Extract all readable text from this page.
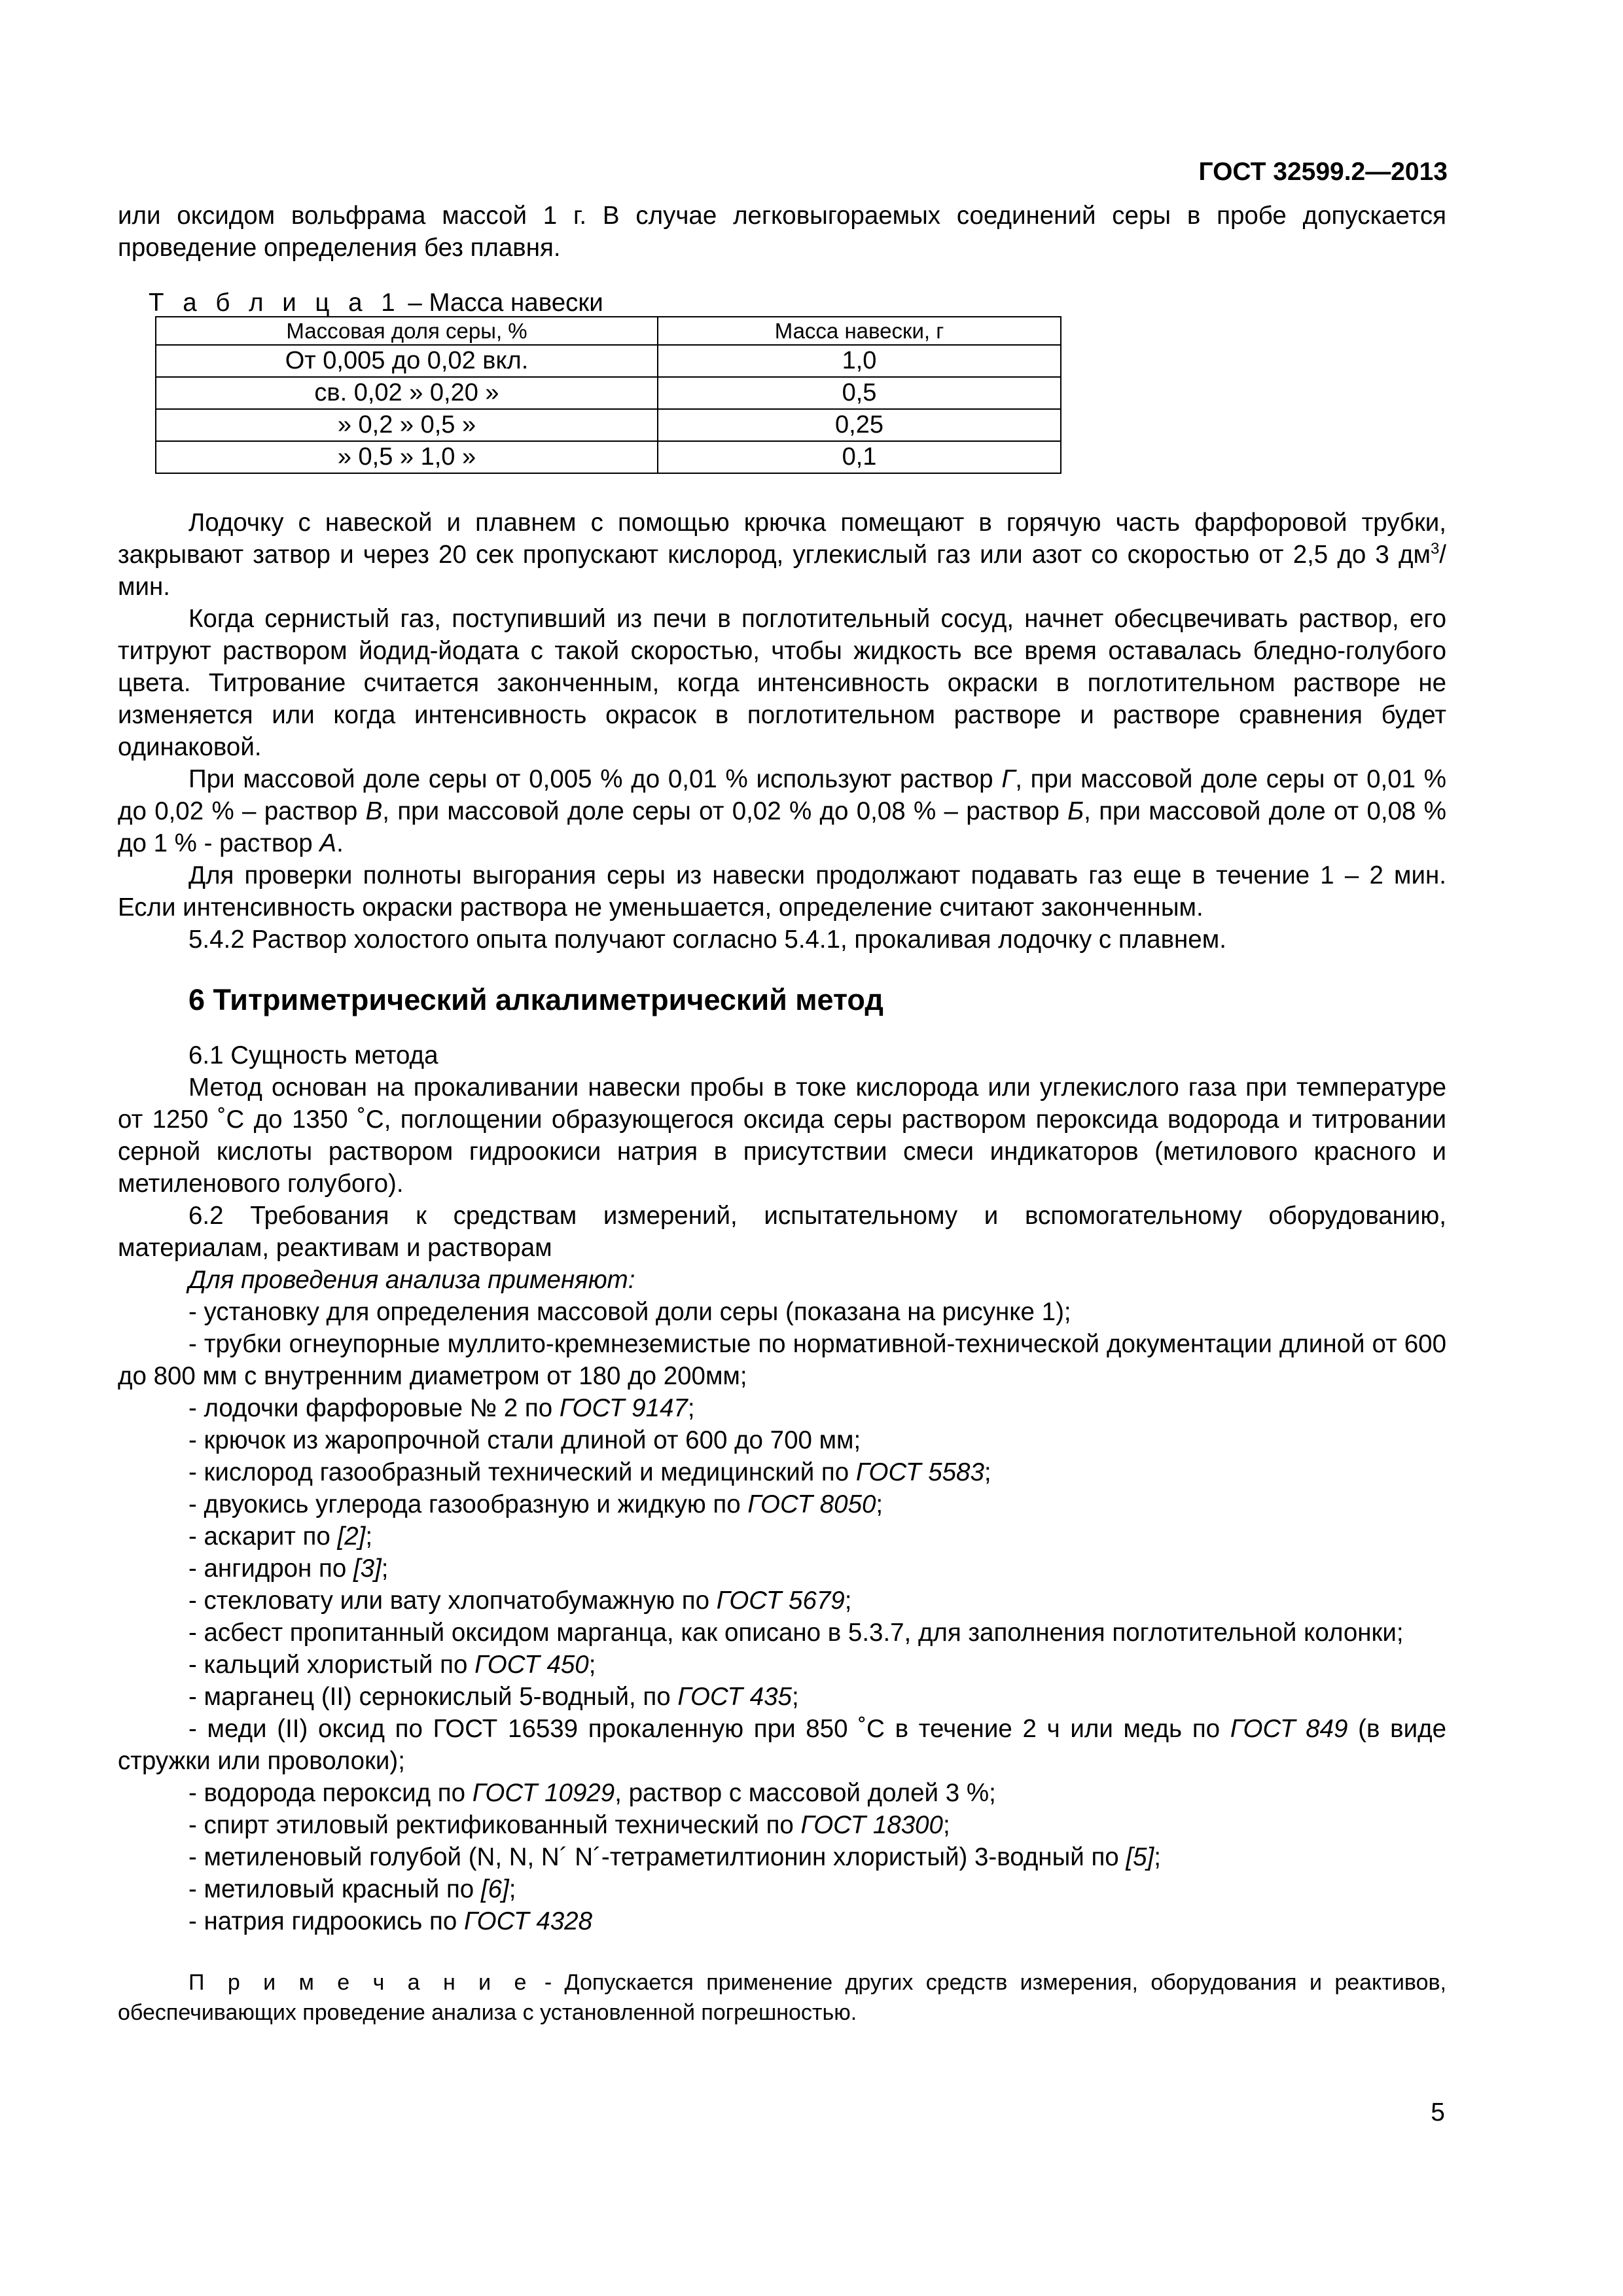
ГОСТ 32599.2—2013

или оксидом вольфрама массой 1 г. В случае легковыгораемых соединений серы в пробе допускается проведение определения без плавня.

Т а б л и ц а 1 – Масса навески
Массовая доля серы, %	Масса навески, г
От 0,005 до 0,02 вкл.	1,0
св. 0,02 » 0,20 »	0,5
» 0,2 » 0,5 »	0,25
» 0,5 » 1,0 »	0,1

Лодочку с навеской и плавнем с помощью крючка помещают в горячую часть фарфоровой трубки, закрывают затвор и через 20 сек пропускают кислород, углекислый газ или азот со скоростью от 2,5 до 3 $дм^3$/мин.

Когда сернистый газ, поступивший из печи в поглотительный сосуд, начнет обесцвечивать раствор, его титруют раствором йодид-йодата с такой скоростью, чтобы жидкость все время оставалась бледно-голубого цвета. Титрование считается законченным, когда интенсивность окраски в поглотительном растворе не изменяется или когда интенсивность окрасок в поглотительном растворе и растворе сравнения будет одинаковой.

При массовой доле серы от 0,005 % до 0,01 % используют раствор Г, при массовой доле серы от 0,01 % до 0,02 % – раствор В, при массовой доле серы от 0,02 % до 0,08 % – раствор Б, при массовой доле от 0,08 % до 1 % - раствор А.

Для проверки полноты выгорания серы из навески продолжают подавать газ еще в течение 1 – 2 мин. Если интенсивность окраски раствора не уменьшается, определение считают законченным.

5.4.2 Раствор холостого опыта получают согласно 5.4.1, прокаливая лодочку с плавнем.

6 Титриметрический алкалиметрический метод

6.1 Сущность метода

Метод основан на прокаливании навески пробы в токе кислорода или углекислого газа при температуре от 1250 ˚С до 1350 ˚С, поглощении образующегося оксида серы раствором пероксида водорода и титровании серной кислоты раствором гидроокиси натрия в присутствии смеси индикаторов (метилового красного и метиленового голубого).

6.2 Требования к средствам измерений, испытательному и вспомогательному оборудованию, материалам, реактивам и растворам

Для проведения анализа применяют:

- установку для определения массовой доли серы (показана на рисунке 1);

- трубки огнеупорные муллито-кремнеземистые по нормативной-технической документации длиной от 600 до 800 мм с внутренним диаметром от 180 до 200мм;

- лодочки фарфоровые № 2 по ГОСТ 9147;

- крючок из жаропрочной стали длиной от 600 до 700 мм;

- кислород газообразный технический и медицинский по ГОСТ 5583;

- двуокись углерода газообразную и жидкую по ГОСТ 8050;

- аскарит по [2];

- ангидрон по [3];

- стекловату или вату хлопчатобумажную по ГОСТ 5679;

- асбест пропитанный оксидом марганца, как описано в 5.3.7, для заполнения поглотительной колонки;

- кальций хлористый по ГОСТ 450;

- марганец (II) сернокислый 5-водный, по ГОСТ 435;

- меди (II) оксид по ГОСТ 16539 прокаленную при 850 ˚С в течение 2 ч или медь по ГОСТ 849 (в виде стружки или проволоки);

- водорода пероксид по ГОСТ 10929, раствор с массовой долей 3 %;

- спирт этиловый ректификованный технический по ГОСТ 18300;

- метиленовый голубой (N, N, N´ N´-тетраметилтионин хлористый) 3-водный по [5];

- метиловый красный по [6];

- натрия гидроокись по ГОСТ 4328

П р и м е ч а н и е - Допускается применение других средств измерения, оборудования и реактивов, обеспечивающих проведение анализа с установленной погрешностью.

5
